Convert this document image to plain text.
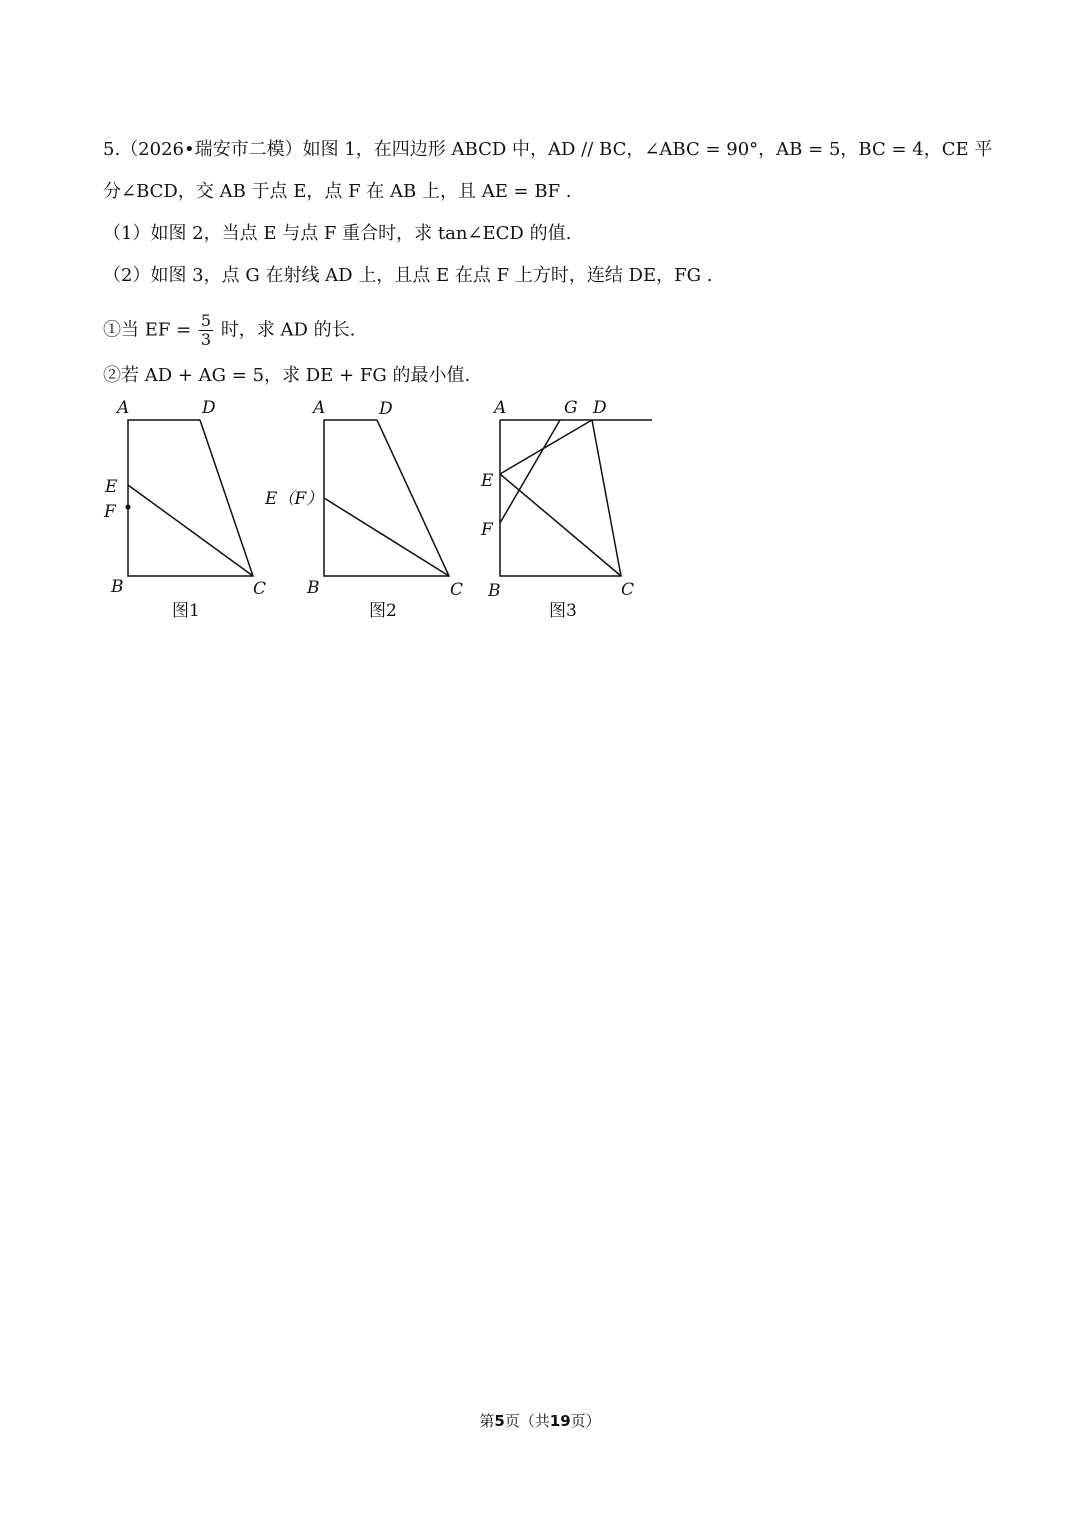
5.（2026•瑞安市二模）如图 1，在四边形 ABCD 中，AD // BC，∠ABC = 90°，AB = 5，BC = 4，CE 平
分∠BCD，交 AB 于点 E，点 F 在 AB 上，且 AE = BF .
（1）如图 2，当点 E 与点 F 重合时，求 tan∠ECD 的值.
（2）如图 3，点 G 在射线 AD 上，且点 E 在点 F 上方时，连结 DE，FG .
①当 EF = $\frac{5}{3}$ 时，求 AD 的长.
②若 AD + AG = 5，求 DE + FG 的最小值.
A	D
E
F
B	C
图1
A	D
E（F）
B	C
图2
A	G D
E
F
B	C
图3
第5页（共19页）
